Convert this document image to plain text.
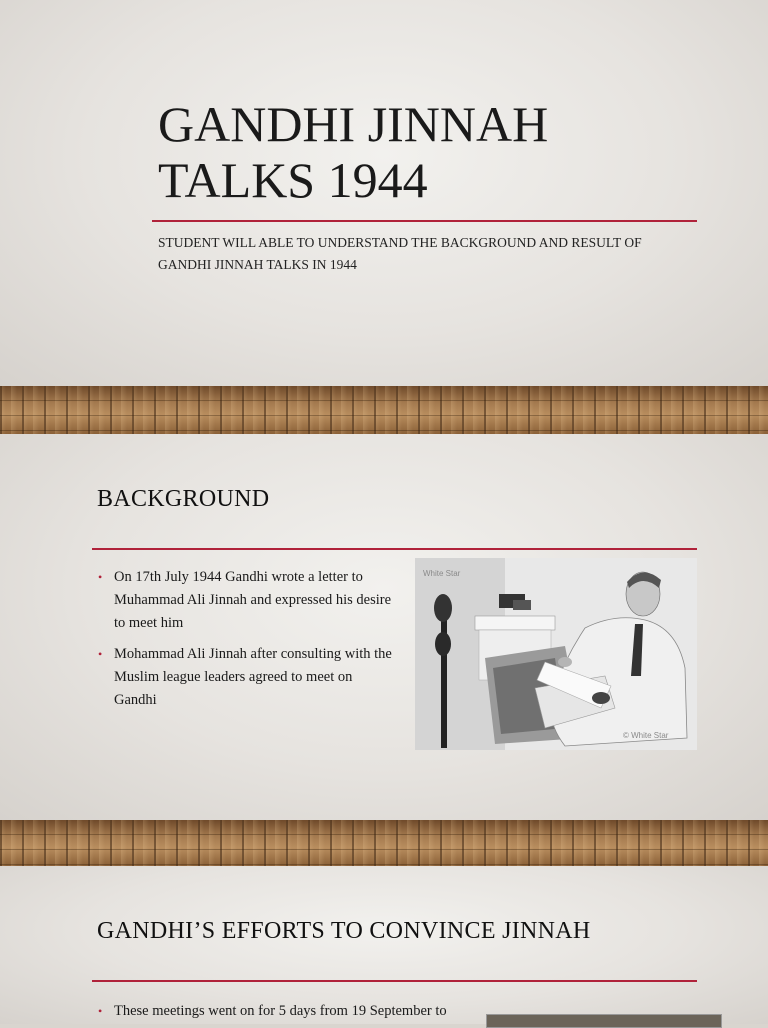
GANDHI JINNAH
TALKS 1944
STUDENT WILL ABLE TO UNDERSTAND THE BACKGROUND AND RESULT OF GANDHI JINNAH TALKS IN 1944
BACKGROUND
• On 17th July 1944 Gandhi wrote a letter to Muhammad Ali Jinnah and expressed his desire to meet him
• Mohammad Ali Jinnah after consulting with the Muslim league leaders agreed to meet on Gandhi
White Star
© White Star
GANDHI’S EFFORTS TO CONVINCE JINNAH
• These meetings went on for 5 days from 19 September to
